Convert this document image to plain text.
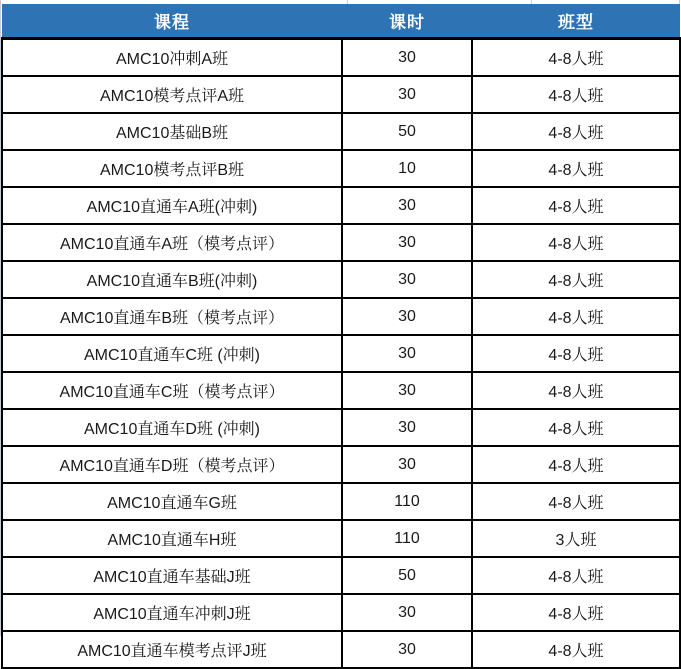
课程	课时	班型
AMC10冲刺A班	30	4-8人班
AMC10模考点评A班	30	4-8人班
AMC10基础B班	50	4-8人班
AMC10模考点评B班	10	4-8人班
AMC10直通车A班(冲刺)	30	4-8人班
AMC10直通车A班（模考点评）	30	4-8人班
AMC10直通车B班(冲刺)	30	4-8人班
AMC10直通车B班（模考点评）	30	4-8人班
AMC10直通车C班 (冲刺)	30	4-8人班
AMC10直通车C班（模考点评）	30	4-8人班
AMC10直通车D班 (冲刺)	30	4-8人班
AMC10直通车D班（模考点评）	30	4-8人班
AMC10直通车G班	110	4-8人班
AMC10直通车H班	110	3人班
AMC10直通车基础J班	50	4-8人班
AMC10直通车冲刺J班	30	4-8人班
AMC10直通车模考点评J班	30	4-8人班
